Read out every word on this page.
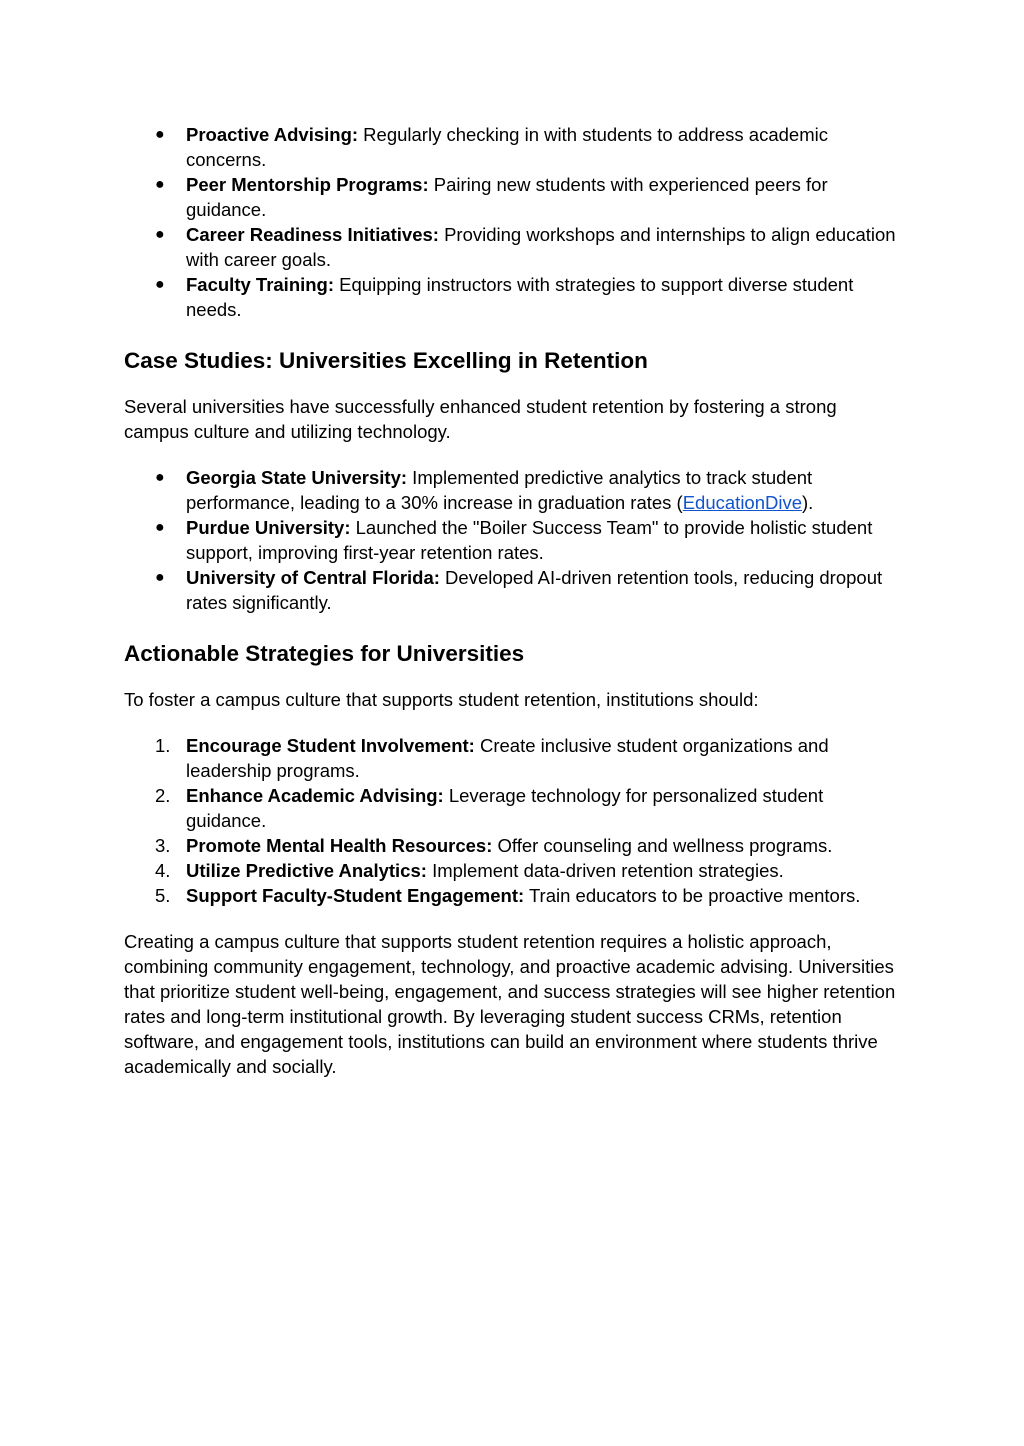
● Proactive Advising: Regularly checking in with students to address academic concerns.
● Peer Mentorship Programs: Pairing new students with experienced peers for guidance.
● Career Readiness Initiatives: Providing workshops and internships to align education with career goals.
● Faculty Training: Equipping instructors with strategies to support diverse student needs.
Case Studies: Universities Excelling in Retention

Several universities have successfully enhanced student retention by fostering a strong campus culture and utilizing technology.

● Georgia State University: Implemented predictive analytics to track student performance, leading to a 30% increase in graduation rates (EducationDive).
● Purdue University: Launched the "Boiler Success Team" to provide holistic student support, improving first-year retention rates.
● University of Central Florida: Developed AI-driven retention tools, reducing dropout rates significantly.
Actionable Strategies for Universities

To foster a campus culture that supports student retention, institutions should:

1. Encourage Student Involvement: Create inclusive student organizations and leadership programs.
2. Enhance Academic Advising: Leverage technology for personalized student guidance.
3. Promote Mental Health Resources: Offer counseling and wellness programs.
4. Utilize Predictive Analytics: Implement data-driven retention strategies.
5. Support Faculty-Student Engagement: Train educators to be proactive mentors.

Creating a campus culture that supports student retention requires a holistic approach, combining community engagement, technology, and proactive academic advising. Universities that prioritize student well-being, engagement, and success strategies will see higher retention rates and long-term institutional growth. By leveraging student success CRMs, retention software, and engagement tools, institutions can build an environment where students thrive academically and socially.
